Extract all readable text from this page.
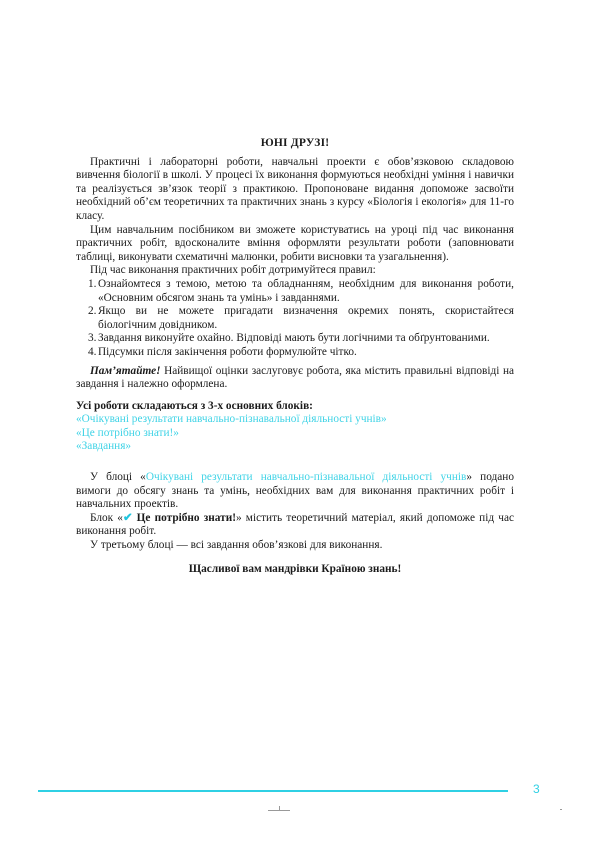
ЮНІ ДРУЗІ!

Практичні і лабораторні роботи, навчальні проекти є обов’язковою складовою вивчення біології в школі. У процесі їх виконання формуються необхідні уміння і навички та реалізується зв’язок теорії з практикою. Пропоноване видання допоможе засвоїти необхідний об’єм теоретичних та практичних знань з курсу «Біологія і екологія» для 11-го класу.

Цим навчальним посібником ви зможете користуватись на уроці під час виконання практичних робіт, вдосконалите вміння оформляти результати роботи (заповнювати таблиці, виконувати схематичні малюнки, робити висновки та узагальнення).

Під час виконання практичних робіт дотримуйтеся правил:

1. Ознайомтеся з темою, метою та обладнанням, необхідним для виконання роботи, «Основним обсягом знань та умінь» і завданнями.
2. Якщо ви не можете пригадати визначення окремих понять, скористайтеся біологічним довідником.
3. Завдання виконуйте охайно. Відповіді мають бути логічними та обґрунтованими.
4. Підсумки після закінчення роботи формулюйте чітко.

Пам’ятайте! Найвищої оцінки заслуговує робота, яка містить правильні відповіді на завдання і належно оформлена.

Усі роботи складаються з 3-х основних блоків:
«Очікувані результати навчально-пізнавальної діяльності учнів»
«Це потрібно знати!»
«Завдання»

У блоці «Очікувані результати навчально-пізнавальної діяльності учнів» подано вимоги до обсягу знань та умінь, необхідних вам для виконання практичних робіт і навчальних проектів.

Блок «✔ Це потрібно знати!» містить теоретичний матеріал, який допоможе під час виконання робіт.

У третьому блоці — всі завдання обов’язкові для виконання.

Щасливої вам мандрівки Країною знань!
3
